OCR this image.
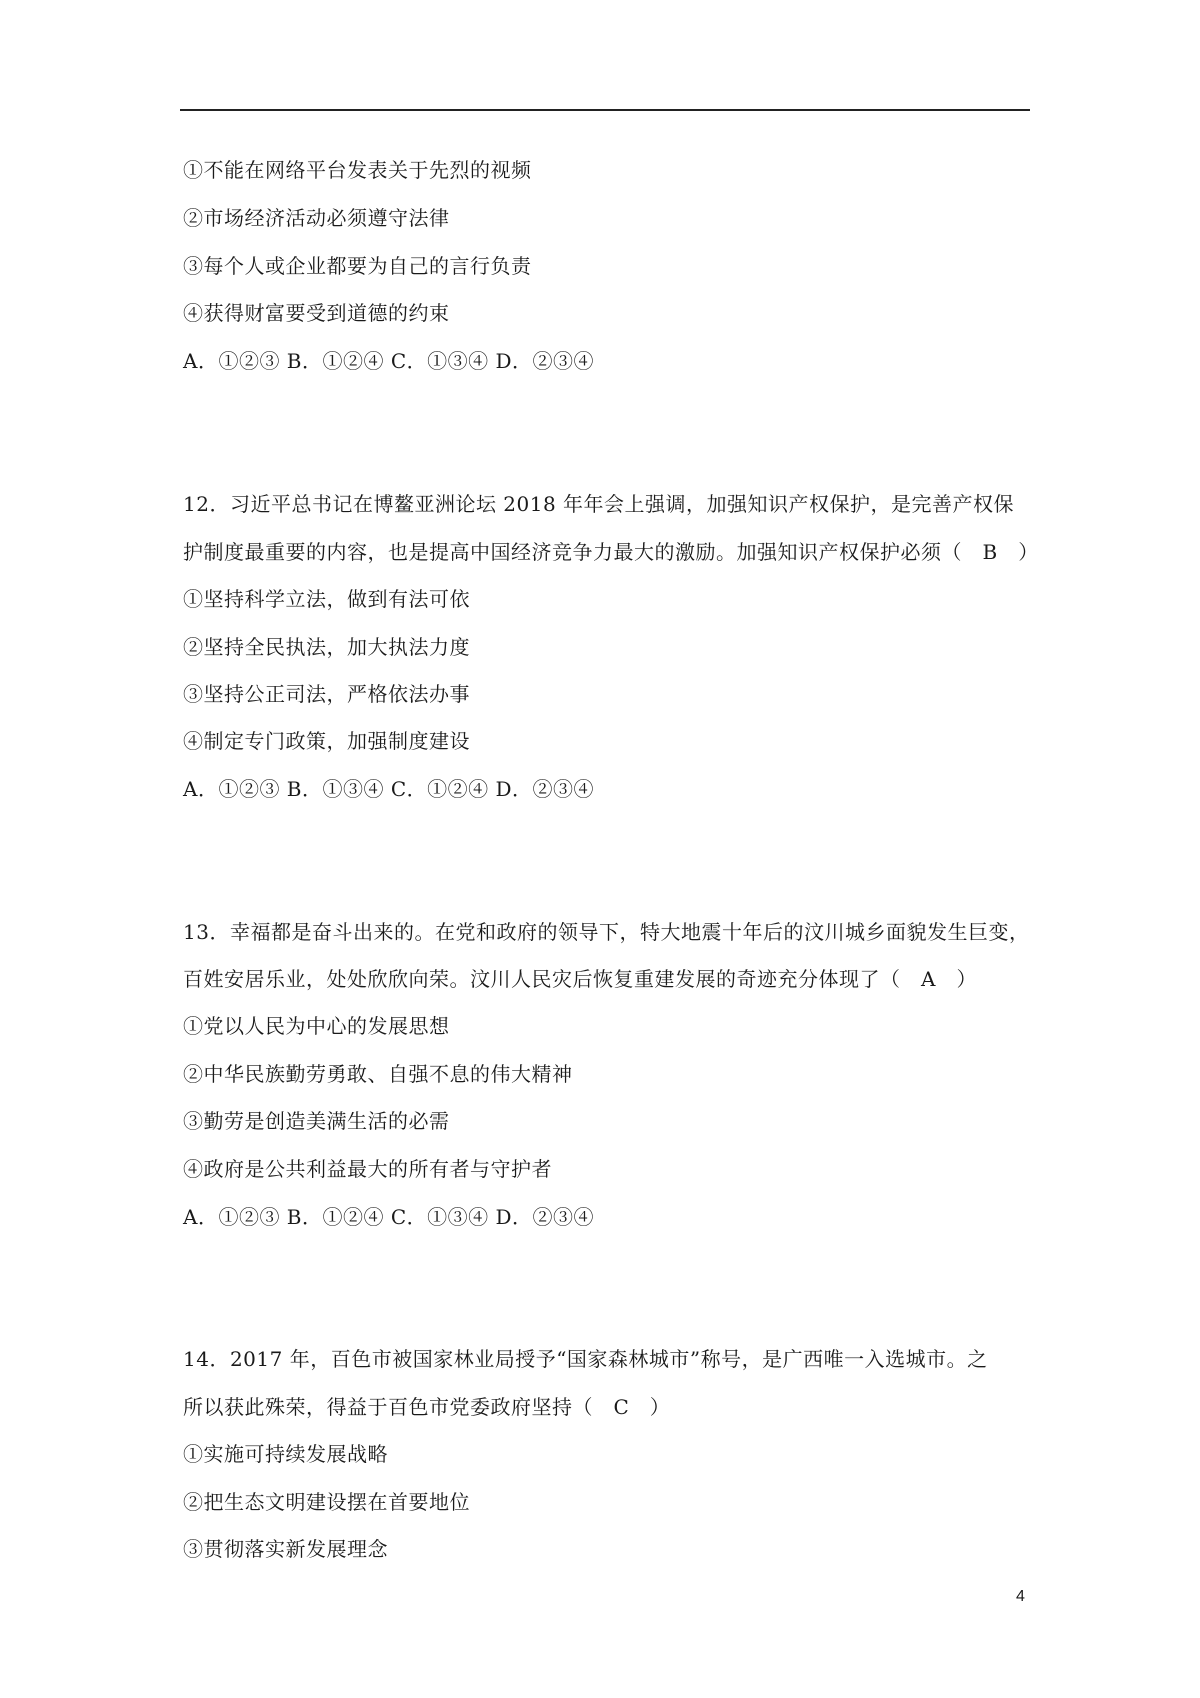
①不能在网络平台发表关于先烈的视频
②市场经济活动必须遵守法律
③每个人或企业都要为自己的言行负责
④获得财富要受到道德的约束
A．①②③ B．①②④ C．①③④ D．②③④
12．习近平总书记在博鳌亚洲论坛 2018 年年会上强调，加强知识产权保护，是完善产权保
护制度最重要的内容，也是提高中国经济竞争力最大的激励。加强知识产权保护必须（　B　）
①坚持科学立法，做到有法可依
②坚持全民执法，加大执法力度
③坚持公正司法，严格依法办事
④制定专门政策，加强制度建设
A．①②③ B．①③④ C．①②④ D．②③④
13．幸福都是奋斗出来的。在党和政府的领导下，特大地震十年后的汶川城乡面貌发生巨变，
百姓安居乐业，处处欣欣向荣。汶川人民灾后恢复重建发展的奇迹充分体现了（　A　）
①党以人民为中心的发展思想
②中华民族勤劳勇敢、自强不息的伟大精神
③勤劳是创造美满生活的必需
④政府是公共利益最大的所有者与守护者
A．①②③ B．①②④ C．①③④ D．②③④
14．2017 年，百色市被国家林业局授予“国家森林城市”称号，是广西唯一入选城市。之
所以获此殊荣，得益于百色市党委政府坚持（　C　）
①实施可持续发展战略
②把生态文明建设摆在首要地位
③贯彻落实新发展理念
4
